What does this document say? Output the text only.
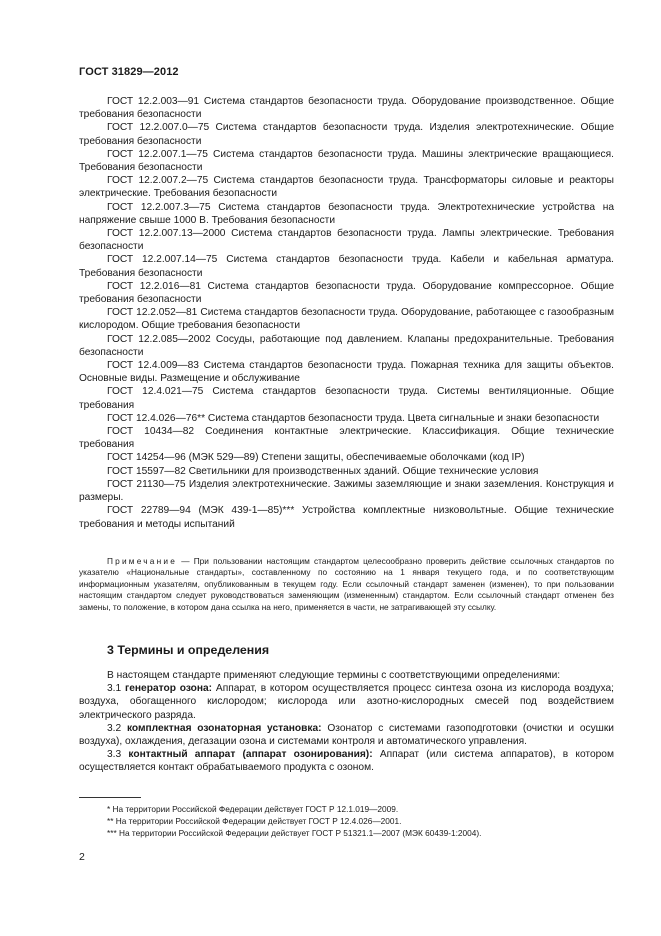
ГОСТ 31829—2012

ГОСТ 12.2.003—91 Система стандартов безопасности труда. Оборудование производственное. Общие требования безопасности

ГОСТ 12.2.007.0—75 Система стандартов безопасности труда. Изделия электротехнические. Общие требования безопасности

ГОСТ 12.2.007.1—75 Система стандартов безопасности труда. Машины электрические вращающиеся. Требования безопасности

ГОСТ 12.2.007.2—75 Система стандартов безопасности труда. Трансформаторы силовые и реакторы электрические. Требования безопасности

ГОСТ 12.2.007.3—75 Система стандартов безопасности труда. Электротехнические устройства на напряжение свыше 1000 В. Требования безопасности

ГОСТ 12.2.007.13—2000 Система стандартов безопасности труда. Лампы электрические. Требования безопасности

ГОСТ 12.2.007.14—75 Система стандартов безопасности труда. Кабели и кабельная арматура. Требования безопасности

ГОСТ 12.2.016—81 Система стандартов безопасности труда. Оборудование компрессорное. Общие требования безопасности

ГОСТ 12.2.052—81 Система стандартов безопасности труда. Оборудование, работающее с газообразным кислородом. Общие требования безопасности

ГОСТ 12.2.085—2002 Сосуды, работающие под давлением. Клапаны предохранительные. Требования безопасности

ГОСТ 12.4.009—83 Система стандартов безопасности труда. Пожарная техника для защиты объектов. Основные виды. Размещение и обслуживание

ГОСТ 12.4.021—75 Система стандартов безопасности труда. Системы вентиляционные. Общие требования

ГОСТ 12.4.026—76** Система стандартов безопасности труда. Цвета сигнальные и знаки безопасности

ГОСТ 10434—82 Соединения контактные электрические. Классификация. Общие технические требования

ГОСТ 14254—96 (МЭК 529—89) Степени защиты, обеспечиваемые оболочками (код IP)

ГОСТ 15597—82 Светильники для производственных зданий. Общие технические условия

ГОСТ 21130—75 Изделия электротехнические. Зажимы заземляющие и знаки заземления. Конструкция и размеры.

ГОСТ 22789—94 (МЭК 439-1—85)*** Устройства комплектные низковольтные. Общие технические требования и методы испытаний

Примечание — При пользовании настоящим стандартом целесообразно проверить действие ссылочных стандартов по указателю «Национальные стандарты», составленному по состоянию на 1 января текущего года, и по соответствующим информационным указателям, опубликованным в текущем году. Если ссылочный стандарт заменен (изменен), то при пользовании настоящим стандартом следует руководствоваться заменяющим (измененным) стандартом. Если ссылочный стандарт отменен без замены, то положение, в котором дана ссылка на него, применяется в части, не затрагивающей эту ссылку.

3 Термины и определения

В настоящем стандарте применяют следующие термины с соответствующими определениями:

3.1 генератор озона: Аппарат, в котором осуществляется процесс синтеза озона из кислорода воздуха; воздуха, обогащенного кислородом; кислорода или азотно-кислородных смесей под воздействием электрического разряда.

3.2 комплектная озонаторная установка: Озонатор с системами газоподготовки (очистки и осушки воздуха), охлаждения, дегазации озона и системами контроля и автоматического управления.

3.3 контактный аппарат (аппарат озонирования): Аппарат (или система аппаратов), в котором осуществляется контакт обрабатываемого продукта с озоном.

* На территории Российской Федерации действует ГОСТ Р 12.1.019—2009.

** На территории Российской Федерации действует ГОСТ Р 12.4.026—2001.

*** На территории Российской Федерации действует ГОСТ Р 51321.1—2007 (МЭК 60439-1:2004).

2
